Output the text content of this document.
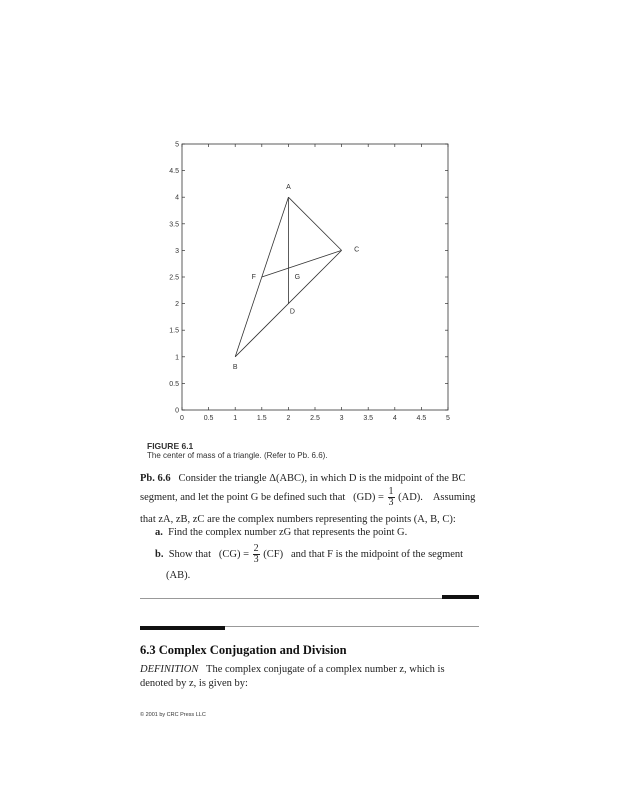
0	0.5	1	1.5	2	2.5	3	3.5	4	4.5	5
0
0.5
1
1.5
2
2.5
3
3.5
4
4.5
5
A
B
C
D
F	G
FIGURE 6.1
The center of mass of a triangle. (Refer to Pb. 6.6).
Pb. 6.6 Consider the triangle Δ(ABC), in which D is the midpoint of the BC
segment, and let the point G be defined such that $(GD) = \frac{1}{3} (AD)$. Assuming
that zA, zB, zC are the complex numbers representing the points (A, B, C):
a. Find the complex number zG that represents the point G.
b. Show that $(CG) = \frac{2}{3} (CF)$ and that F is the midpoint of the segment
(AB).
6.3 Complex Conjugation and Division
DEFINITION The complex conjugate of a complex number z, which is
denoted by z, is given by:
© 2001 by CRC Press LLC
